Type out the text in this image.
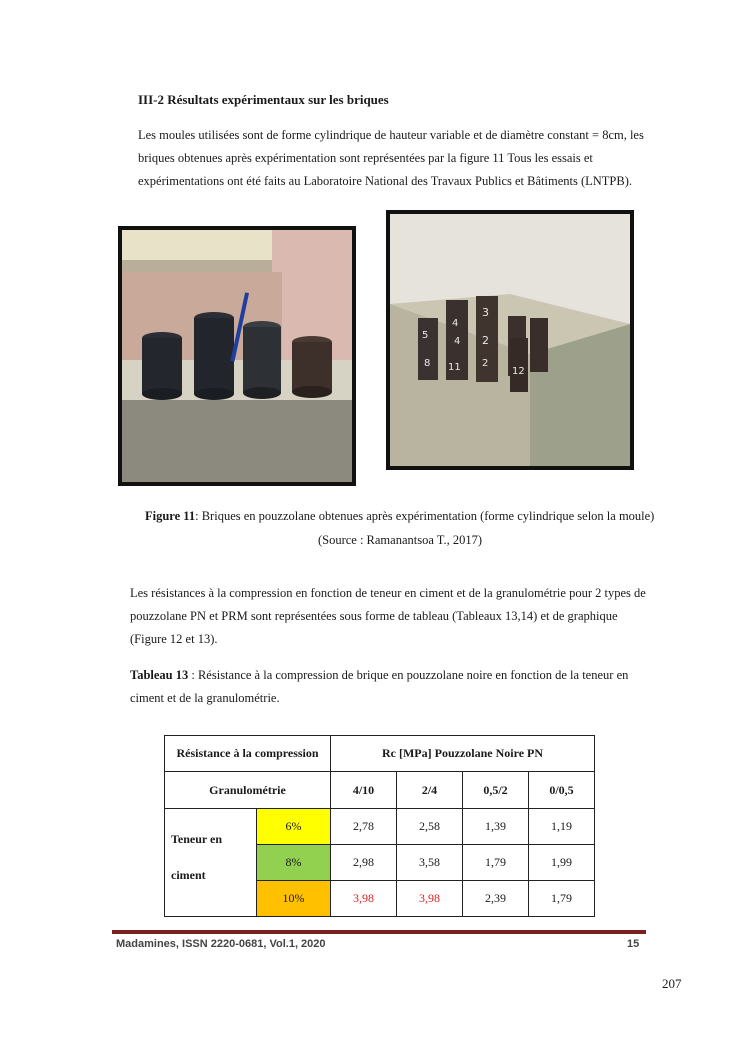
III-2 Résultats expérimentaux sur les briques
Les moules utilisées sont de forme cylindrique de hauteur variable et de diamètre constant = 8cm, les briques obtenues après expérimentation sont représentées par la figure 11 Tous les essais et expérimentations ont été faits au Laboratoire National des Travaux Publics et Bâtiments (LNTPB).
3
4
2
5
4
2
8 11	12
Figure 11: Briques en pouzzolane obtenues après expérimentation (forme cylindrique selon la moule)
(Source : Ramanantsoa T., 2017)
Les résistances à la compression en fonction de teneur en ciment et de la granulométrie pour 2 types de pouzzolane PN et PRM sont représentées sous forme de tableau (Tableaux 13,14) et de graphique (Figure 12 et 13).
Tableau 13 : Résistance à la compression de brique en pouzzolane noire en fonction de la teneur en ciment et de la granulométrie.
Résistance à la compression		Rc [MPa] Pouzzolane Noire PN			
Granulométrie		4/10	2/4	0,5/2	0/0,5
Teneur en
ciment	6%	2,78	2,58	1,39	1,19
	8%	2,98	3,58	1,79	1,99
	10%	3,98	3,98	2,39	1,79
Madamines, ISSN 2220-0681, Vol.1, 2020	15
207
